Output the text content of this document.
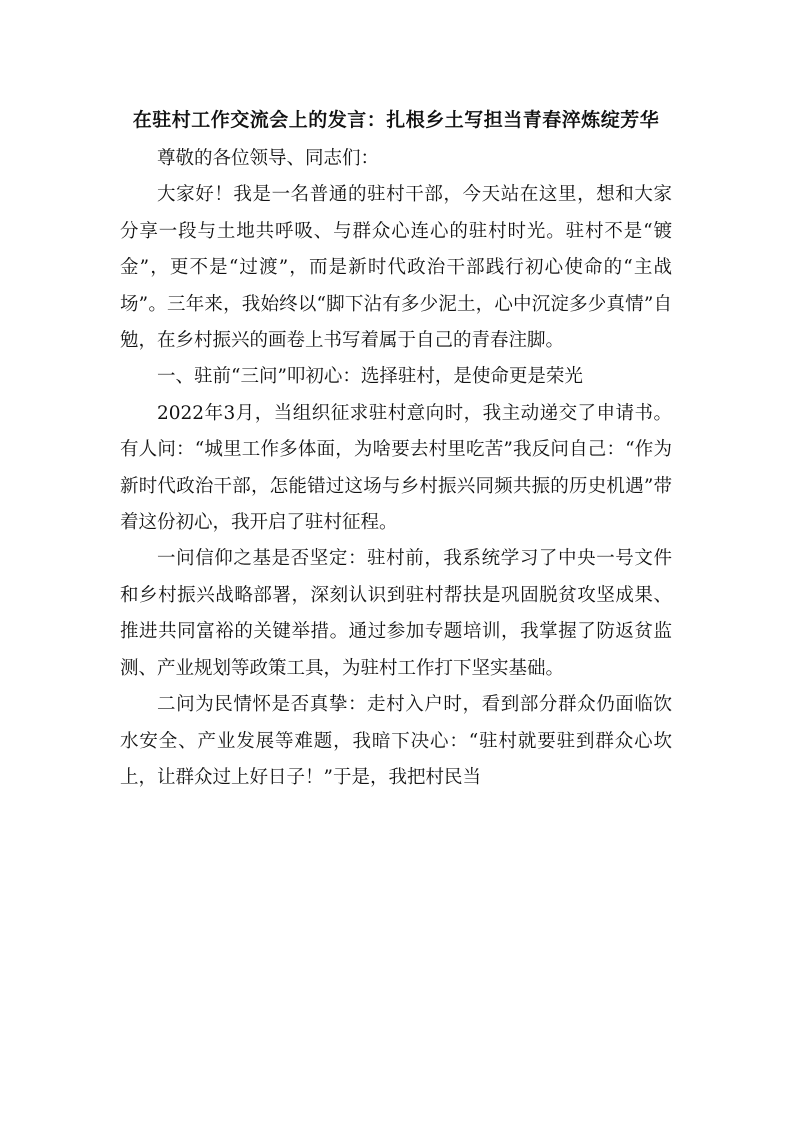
在驻村工作交流会上的发言：扎根乡土写担当青春淬炼绽芳华

尊敬的各位领导、同志们：

大家好！我是一名普通的驻村干部，今天站在这里，想和大家分享一段与土地共呼吸、与群众心连心的驻村时光。驻村不是“镀金”，更不是“过渡”，而是新时代政治干部践行初心使命的“主战场”。三年来，我始终以“脚下沾有多少泥土，心中沉淀多少真情”自勉，在乡村振兴的画卷上书写着属于自己的青春注脚。

一、驻前“三问”叩初心：选择驻村，是使命更是荣光

2022年3月，当组织征求驻村意向时，我主动递交了申请书。有人问：“城里工作多体面，为啥要去村里吃苦”我反问自己：“作为新时代政治干部，怎能错过这场与乡村振兴同频共振的历史机遇”带着这份初心，我开启了驻村征程。

一问信仰之基是否坚定：驻村前，我系统学习了中央一号文件和乡村振兴战略部署，深刻认识到驻村帮扶是巩固脱贫攻坚成果、推进共同富裕的关键举措。通过参加专题培训，我掌握了防返贫监测、产业规划等政策工具，为驻村工作打下坚实基础。

二问为民情怀是否真挚：走村入户时，看到部分群众仍面临饮水安全、产业发展等难题，我暗下决心：“驻村就要驻到群众心坎上，让群众过上好日子！”于是，我把村民当
